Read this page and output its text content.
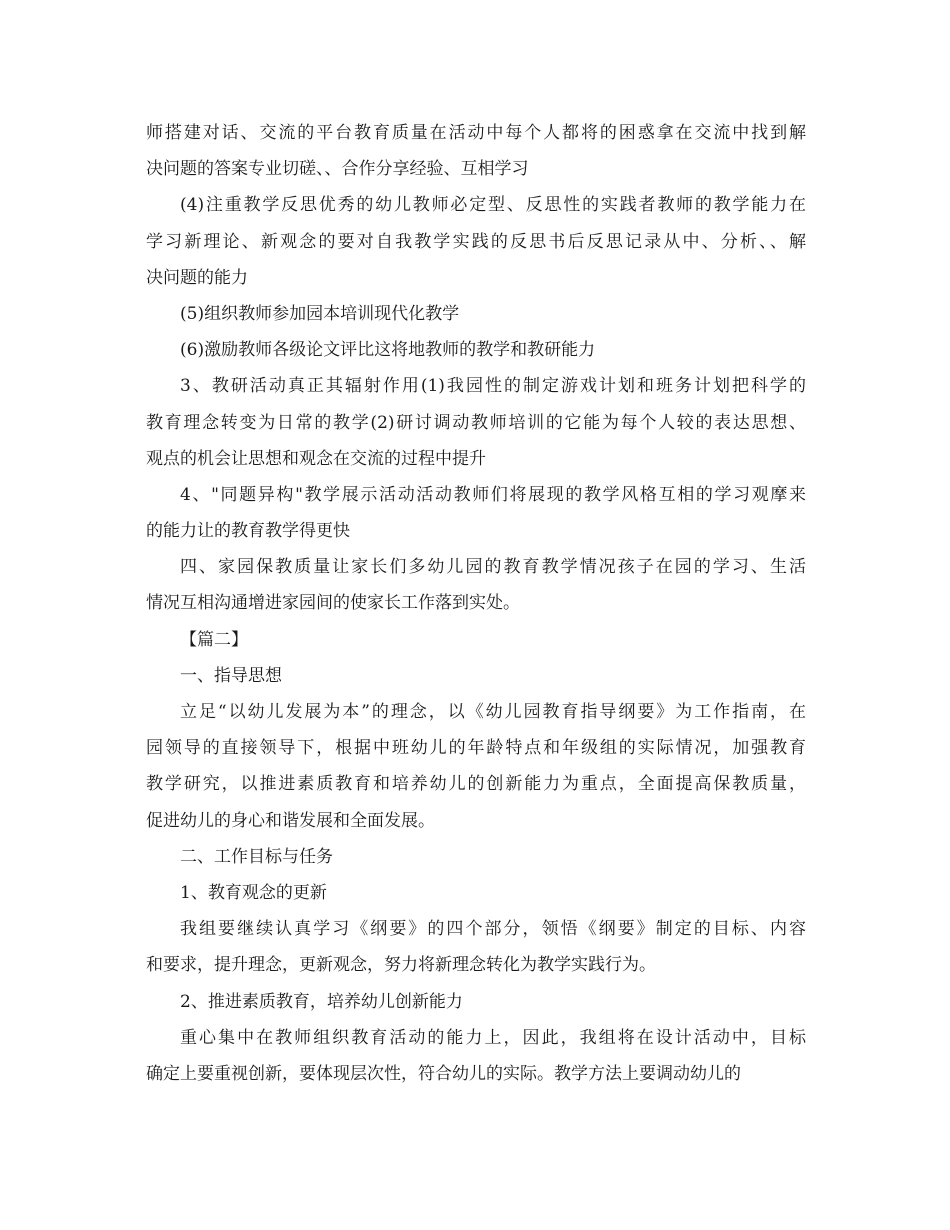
师搭建对话、交流的平台教育质量在活动中每个人都将的困惑拿在交流中找到解
决问题的答案专业切磋、、合作分享经验、互相学习
(4)注重教学反思优秀的幼儿教师必定型、反思性的实践者教师的教学能力在
学习新理论、新观念的要对自我教学实践的反思书后反思记录从中、分析、、解
决问题的能力
(5)组织教师参加园本培训现代化教学
(6)激励教师各级论文评比这将地教师的教学和教研能力
3、教研活动真正其辐射作用(1)我园性的制定游戏计划和班务计划把科学的
教育理念转变为日常的教学(2)研讨调动教师培训的它能为每个人较的表达思想、
观点的机会让思想和观念在交流的过程中提升
4、"同题异构"教学展示活动活动教师们将展现的教学风格互相的学习观摩来
的能力让的教育教学得更快
四、家园保教质量让家长们多幼儿园的教育教学情况孩子在园的学习、生活
情况互相沟通增进家园间的使家长工作落到实处。
【篇二】
一、指导思想
立足“以幼儿发展为本”的理念，以《幼儿园教育指导纲要》为工作指南，在
园领导的直接领导下，根据中班幼儿的年龄特点和年级组的实际情况，加强教育
教学研究，以推进素质教育和培养幼儿的创新能力为重点，全面提高保教质量，
促进幼儿的身心和谐发展和全面发展。
二、工作目标与任务
1、教育观念的更新
我组要继续认真学习《纲要》的四个部分，领悟《纲要》制定的目标、内容
和要求，提升理念，更新观念，努力将新理念转化为教学实践行为。
2、推进素质教育，培养幼儿创新能力
重心集中在教师组织教育活动的能力上，因此，我组将在设计活动中，目标
确定上要重视创新，要体现层次性，符合幼儿的实际。教学方法上要调动幼儿的
